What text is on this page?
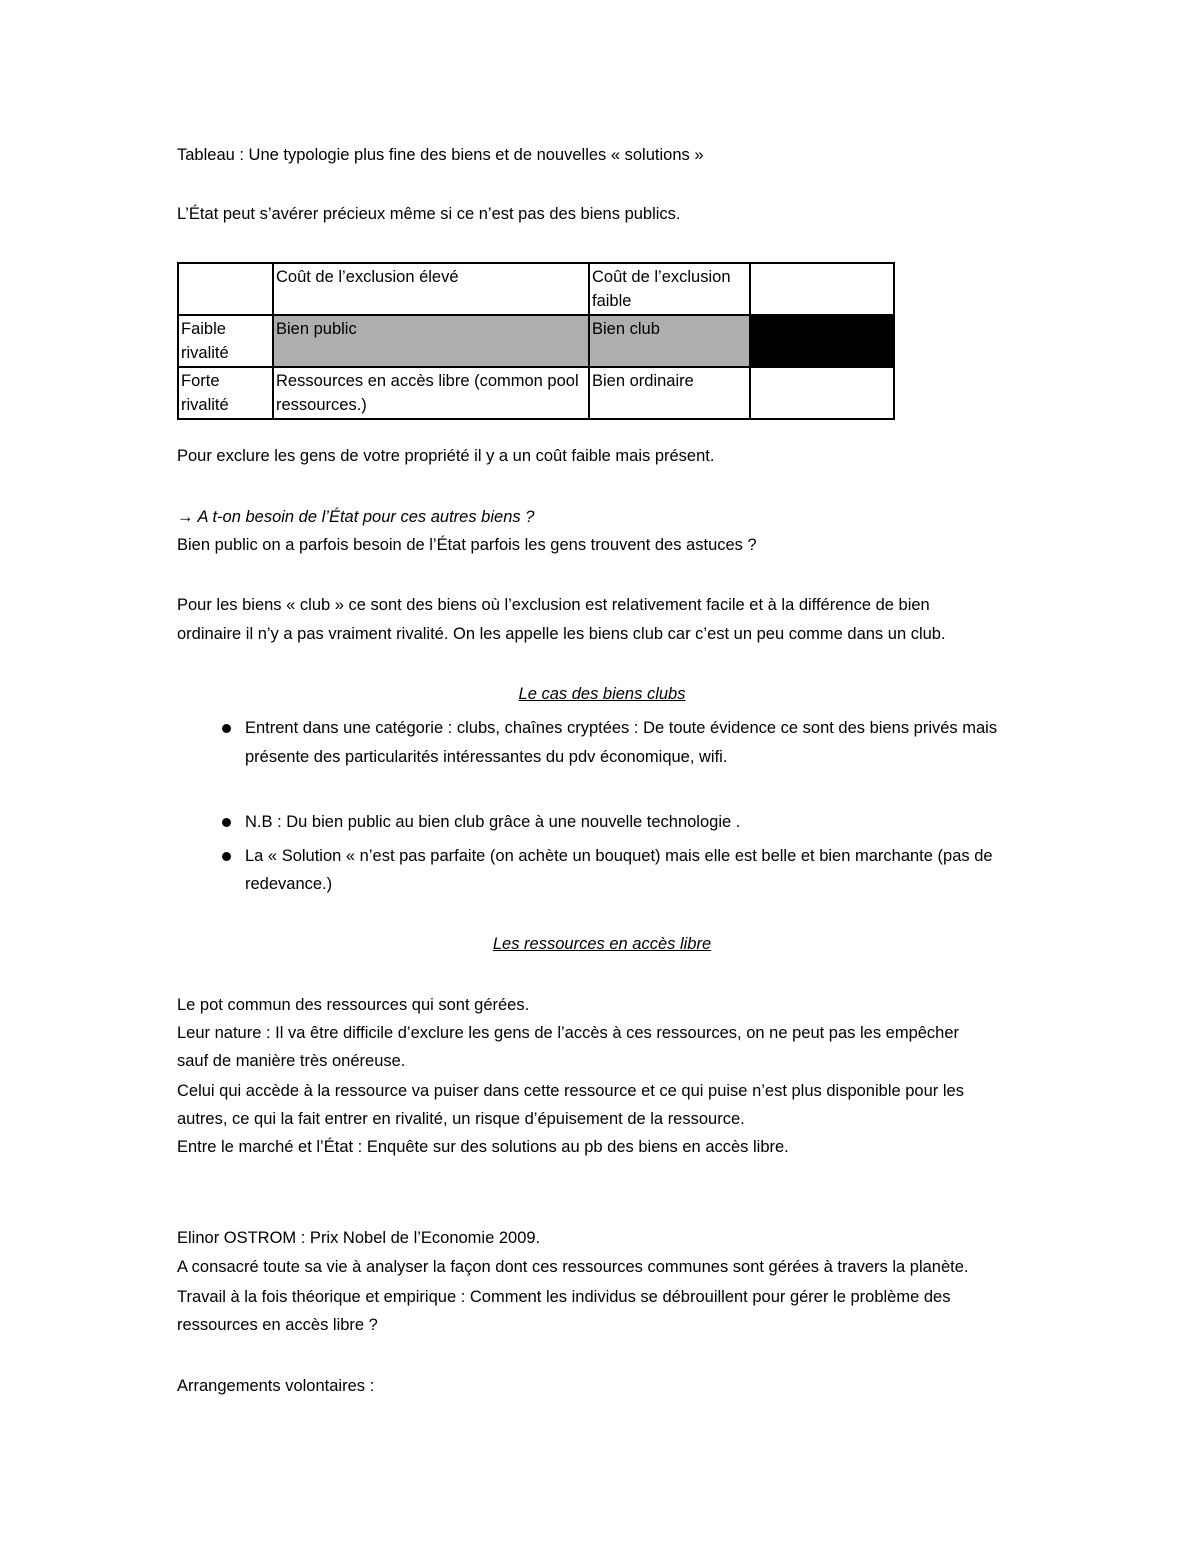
Tableau : Une typologie plus fine des biens et de nouvelles « solutions »

L’État peut s’avérer précieux même si ce n’est pas des biens publics.

	Coût de l’exclusion élevé	Coût de l’exclusion faible	
Faible rivalité	Bien public	Bien club	
Forte rivalité	Ressources en accès libre (common pool ressources.)	Bien ordinaire	

Pour exclure les gens de votre propriété il y a un coût faible mais présent.

→ A t-on besoin de l’État pour ces autres biens ?

Bien public on a parfois besoin de l’État parfois les gens trouvent des astuces ?

Pour les biens « club » ce sont des biens où l’exclusion est relativement facile et à la différence de bien

ordinaire il n’y a pas vraiment rivalité. On les appelle les biens club car c’est un peu comme dans un club.

Le cas des biens clubs

Entrent dans une catégorie : clubs, chaînes cryptées : De toute évidence ce sont des biens privés mais présente des particularités intéressantes du pdv économique, wifi.
N.B : Du bien public au bien club grâce à une nouvelle technologie .
La « Solution « n’est pas parfaite (on achète un bouquet) mais elle est belle et bien marchante (pas de redevance.)

Les ressources en accès libre

Le pot commun des ressources qui sont gérées.

Leur nature : Il va être difficile d’exclure les gens de l’accès à ces ressources, on ne peut pas les empêcher

sauf de manière très onéreuse.

Celui qui accède à la ressource va puiser dans cette ressource et ce qui puise n’est plus disponible pour les

autres, ce qui la fait entrer en rivalité, un risque d’épuisement de la ressource.

Entre le marché et l’État : Enquête sur des solutions au pb des biens en accès libre.

Elinor OSTROM : Prix Nobel de l’Economie 2009.

A consacré toute sa vie à analyser la façon dont ces ressources communes sont gérées à travers la planète.

Travail à la fois théorique et empirique : Comment les individus se débrouillent pour gérer le problème des

ressources en accès libre ?

Arrangements volontaires :
